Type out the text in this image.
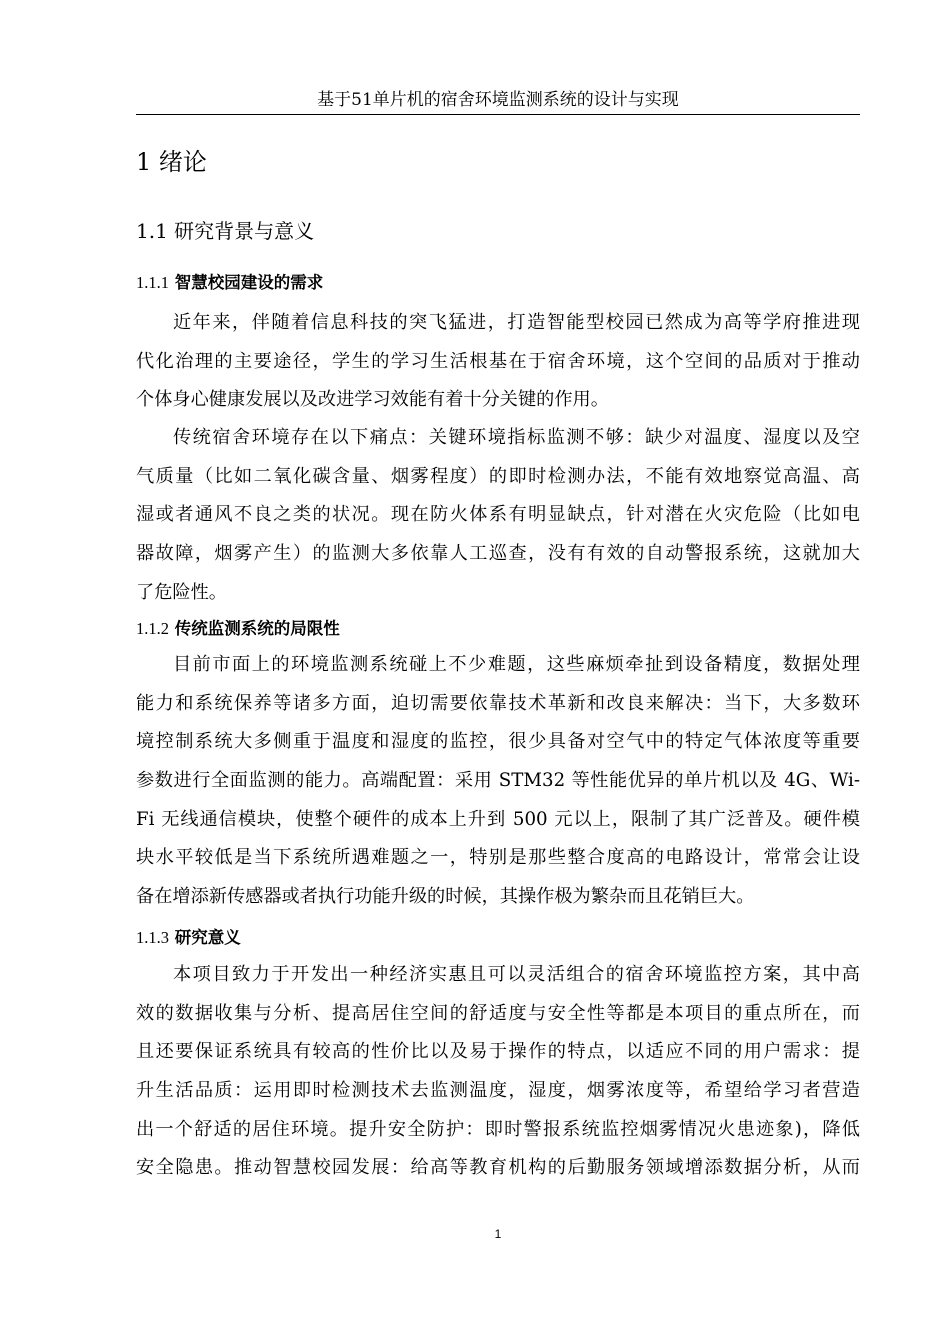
基于51单片机的宿舍环境监测系统的设计与实现
1 绪论
1.1 研究背景与意义
1.1.1 智慧校园建设的需求
近年来，伴随着信息科技的突飞猛进，打造智能型校园已然成为高等学府推进现
代化治理的主要途径，学生的学习生活根基在于宿舍环境，这个空间的品质对于推动
个体身心健康发展以及改进学习效能有着十分关键的作用。
传统宿舍环境存在以下痛点：关键环境指标监测不够：缺少对温度、湿度以及空
气质量（比如二氧化碳含量、烟雾程度）的即时检测办法，不能有效地察觉高温、高
湿或者通风不良之类的状况。现在防火体系有明显缺点，针对潜在火灾危险（比如电
器故障，烟雾产生）的监测大多依靠人工巡查，没有有效的自动警报系统，这就加大
了危险性。
1.1.2 传统监测系统的局限性
目前市面上的环境监测系统碰上不少难题，这些麻烦牵扯到设备精度，数据处理
能力和系统保养等诸多方面，迫切需要依靠技术革新和改良来解决：当下，大多数环
境控制系统大多侧重于温度和湿度的监控，很少具备对空气中的特定气体浓度等重要
参数进行全面监测的能力。高端配置：采用 STM32 等性能优异的单片机以及 4G、Wi-
Fi 无线通信模块，使整个硬件的成本上升到 500 元以上，限制了其广泛普及。硬件模
块水平较低是当下系统所遇难题之一，特别是那些整合度高的电路设计，常常会让设
备在增添新传感器或者执行功能升级的时候，其操作极为繁杂而且花销巨大。
1.1.3 研究意义
本项目致力于开发出一种经济实惠且可以灵活组合的宿舍环境监控方案，其中高
效的数据收集与分析、提高居住空间的舒适度与安全性等都是本项目的重点所在，而
且还要保证系统具有较高的性价比以及易于操作的特点，以适应不同的用户需求：提
升生活品质：运用即时检测技术去监测温度，湿度，烟雾浓度等，希望给学习者营造
出一个舒适的居住环境。提升安全防护：即时警报系统监控烟雾情况火患迹象)，降低
安全隐患。推动智慧校园发展：给高等教育机构的后勤服务领域增添数据分析，从而
1
